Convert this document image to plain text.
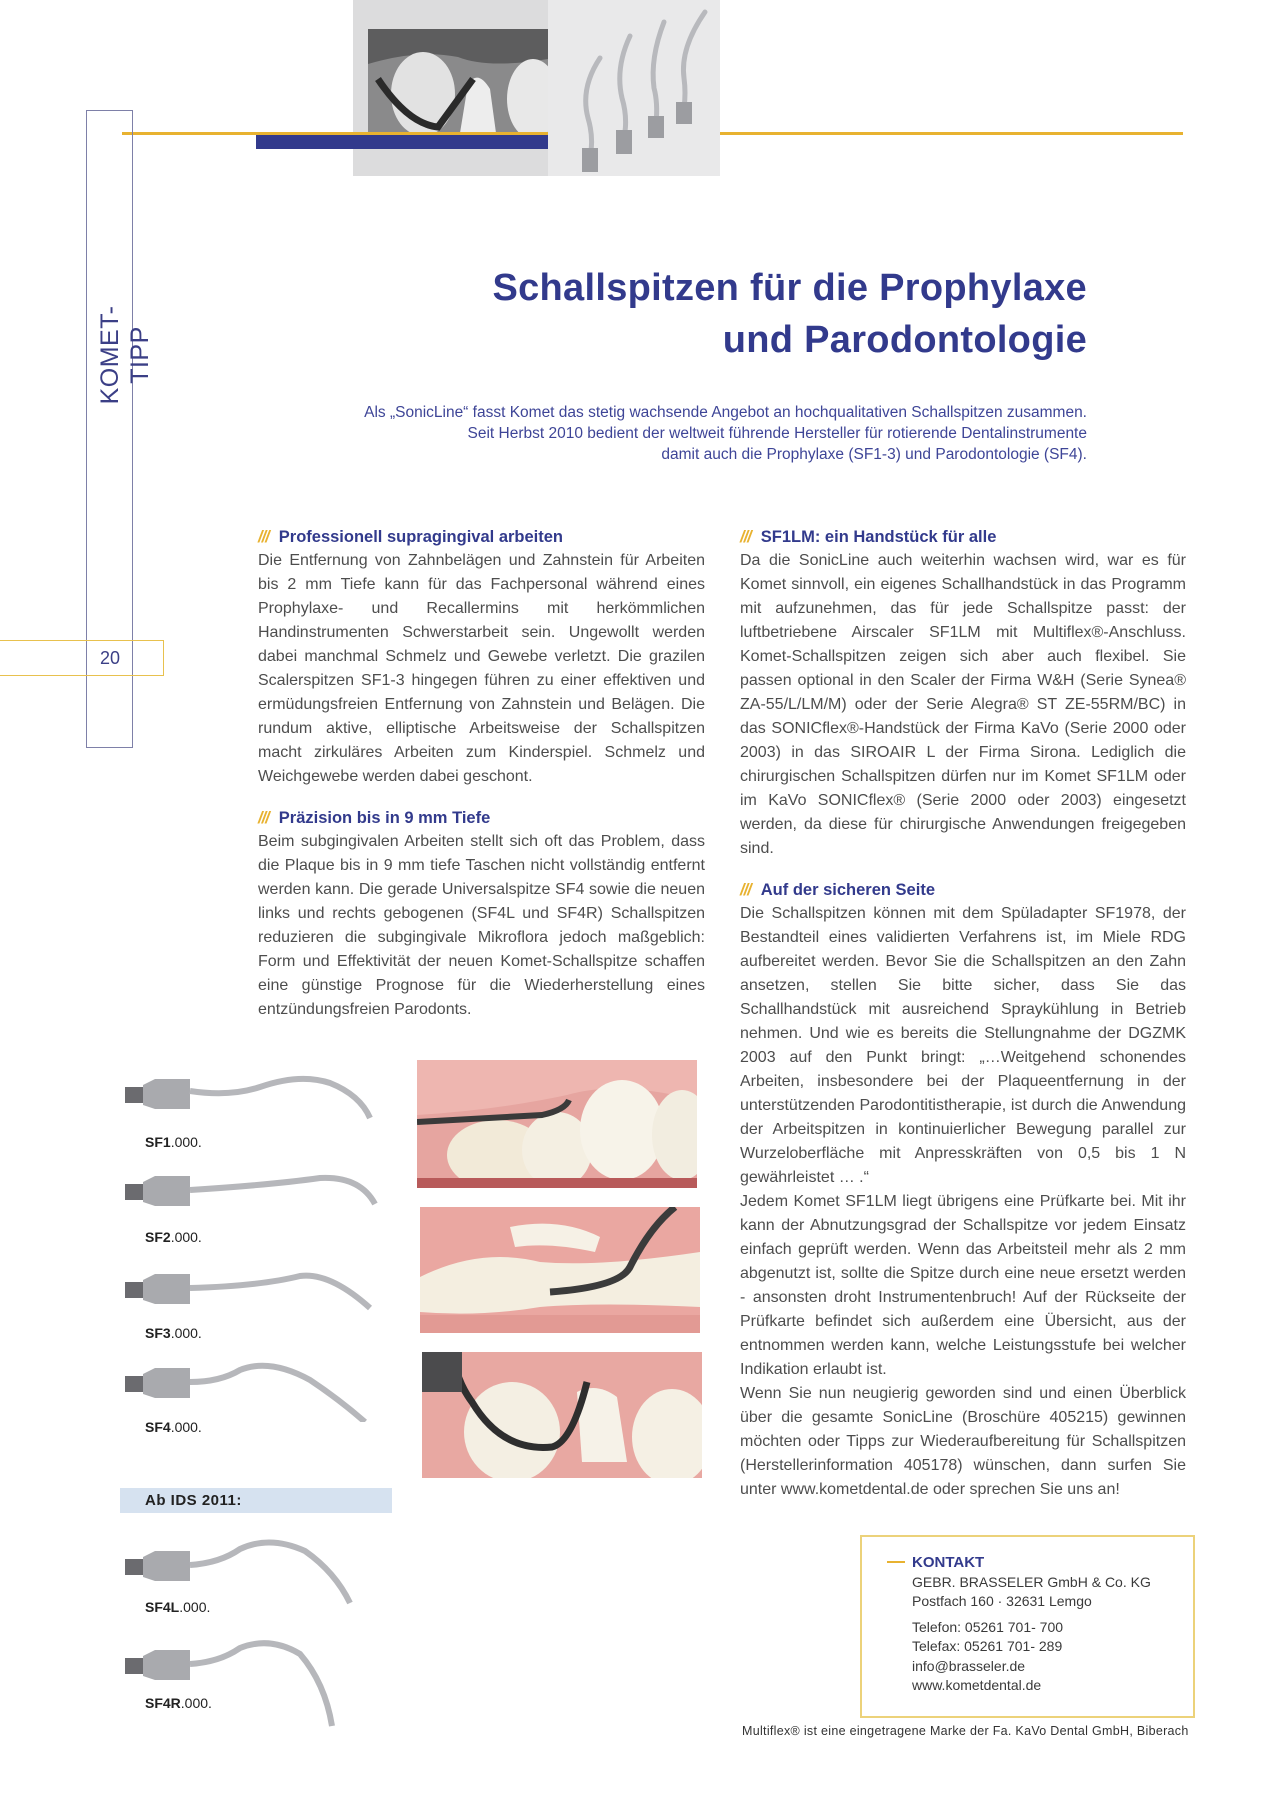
KOMET-TIPP
20
Schallspitzen für die Prophylaxe
und Parodontologie
Als „SonicLine“ fasst Komet das stetig wachsende Angebot an hochqualitativen Schallspitzen zusammen.
Seit Herbst 2010 bedient der weltweit führende Hersteller für rotierende Dentalinstrumente
damit auch die Prophylaxe (SF1-3) und Parodontologie (SF4).
/// Professionell supragingival arbeiten

Die Entfernung von Zahnbelägen und Zahnstein für Arbeiten bis 2 mm Tiefe kann für das Fachpersonal während eines Prophylaxe- und Recallermins mit herkömmlichen Handinstrumenten Schwerstarbeit sein. Ungewollt werden dabei manchmal Schmelz und Gewebe verletzt. Die grazilen Scalerspitzen SF1-3 hingegen führen zu einer effektiven und ermüdungsfreien Entfernung von Zahnstein und Belägen. Die rundum aktive, elliptische Arbeitsweise der Schallspitzen macht zirkuläres Arbeiten zum Kinderspiel. Schmelz und Weichgewebe werden dabei geschont.

/// Präzision bis in 9 mm Tiefe

Beim subgingivalen Arbeiten stellt sich oft das Problem, dass die Plaque bis in 9 mm tiefe Taschen nicht vollständig entfernt werden kann. Die gerade Universalspitze SF4 sowie die neuen links und rechts gebogenen (SF4L und SF4R) Schallspitzen reduzieren die subgingivale Mikroflora jedoch maßgeblich: Form und Effektivität der neuen Komet-Schallspitze schaffen eine günstige Prognose für die Wiederherstellung eines entzündungsfreien Parodonts.

/// SF1LM: ein Handstück für alle

Da die SonicLine auch weiterhin wachsen wird, war es für Komet sinnvoll, ein eigenes Schallhandstück in das Programm mit aufzunehmen, das für jede Schallspitze passt: der luftbetriebene Airscaler SF1LM mit Multiflex®-Anschluss. Komet-Schallspitzen zeigen sich aber auch flexibel. Sie passen optional in den Scaler der Firma W&H (Serie Synea® ZA-55/L/LM/M) oder der Serie Alegra® ST ZE-55RM/BC) in das SONICflex®-Handstück der Firma KaVo (Serie 2000 oder 2003) in das SIROAIR L der Firma Sirona. Lediglich die chirurgischen Schallspitzen dürfen nur im Komet SF1LM oder im KaVo SONICflex® (Serie 2000 oder 2003) eingesetzt werden, da diese für chirurgische Anwendungen freigegeben sind.

/// Auf der sicheren Seite

Die Schallspitzen können mit dem Spüladapter SF1978, der Bestandteil eines validierten Verfahrens ist, im Miele RDG aufbereitet werden. Bevor Sie die Schallspitzen an den Zahn ansetzen, stellen Sie bitte sicher, dass Sie das Schallhandstück mit ausreichend Spraykühlung in Betrieb nehmen. Und wie es bereits die Stellungnahme der DGZMK 2003 auf den Punkt bringt: „…Weitgehend schonendes Arbeiten, insbesondere bei der Plaqueentfernung in der unterstützenden Parodontitistherapie, ist durch die Anwendung der Arbeitspitzen in kontinuierlicher Bewegung parallel zur Wurzeloberfläche mit Anpresskräften von 0,5 bis 1 N gewährleistet … .“

Jedem Komet SF1LM liegt übrigens eine Prüfkarte bei. Mit ihr kann der Abnutzungsgrad der Schallspitze vor jedem Einsatz einfach geprüft werden. Wenn das Arbeitsteil mehr als 2 mm abgenutzt ist, sollte die Spitze durch eine neue ersetzt werden - ansonsten droht Instrumentenbruch! Auf der Rückseite der Prüfkarte befindet sich außerdem eine Übersicht, aus der entnommen werden kann, welche Leistungsstufe bei welcher Indikation erlaubt ist.

Wenn Sie nun neugierig geworden sind und einen Überblick über die gesamte SonicLine (Broschüre 405215) gewinnen möchten oder Tipps zur Wiederaufbereitung für Schallspitzen (Herstellerinformation 405178) wünschen, dann surfen Sie unter www.kometdental.de oder sprechen Sie uns an!

SF1.000.
SF2.000.
SF3.000.
SF4.000.
Ab IDS 2011:
SF4L.000.
SF4R.000.
KONTAKT
GEBR. BRASSELER GmbH & Co. KG
Postfach 160 · 32631 Lemgo
Telefon: 05261 701- 700
Telefax: 05261 701- 289
info@brasseler.de
www.kometdental.de
Multiflex® ist eine eingetragene Marke der Fa. KaVo Dental GmbH, Biberach
